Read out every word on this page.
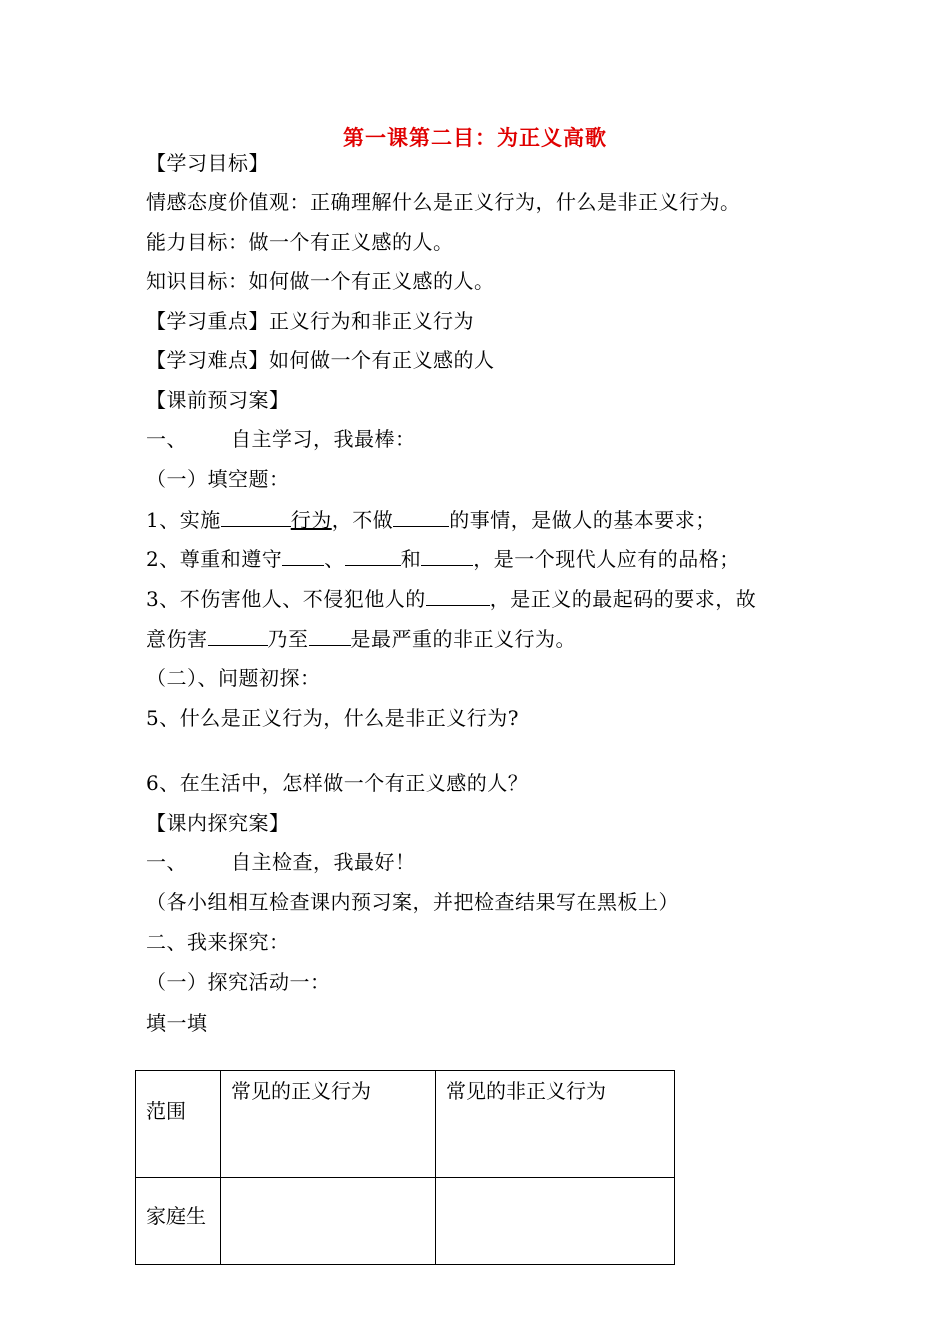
第一课第二目：为正义高歌
【学习目标】
情感态度价值观：正确理解什么是正义行为，什么是非正义行为。
能力目标：做一个有正义感的人。
知识目标：如何做一个有正义感的人。
【学习重点】正义行为和非正义行为
【学习难点】如何做一个有正义感的人
【课前预习案】
一、 自主学习，我最棒：
（一）填空题：
1、实施	行为，不做	的事情，是做人的基本要求；
2、尊重和遵守 、	和	，是一个现代人应有的品格；
3、不伤害他人、不侵犯他人的	，是正义的最起码的要求，故
意伤害	乃至 是最严重的非正义行为。
（二）、问题初探：
5、什么是正义行为，什么是非正义行为?
6、在生活中，怎样做一个有正义感的人？
【课内探究案】
一、 自主检查，我最好！
（各小组相互检查课内预习案，并把检查结果写在黑板上）
二、我来探究：
（一）探究活动一：
填一填
范围	常见的正义行为	常见的非正义行为
家庭生		
